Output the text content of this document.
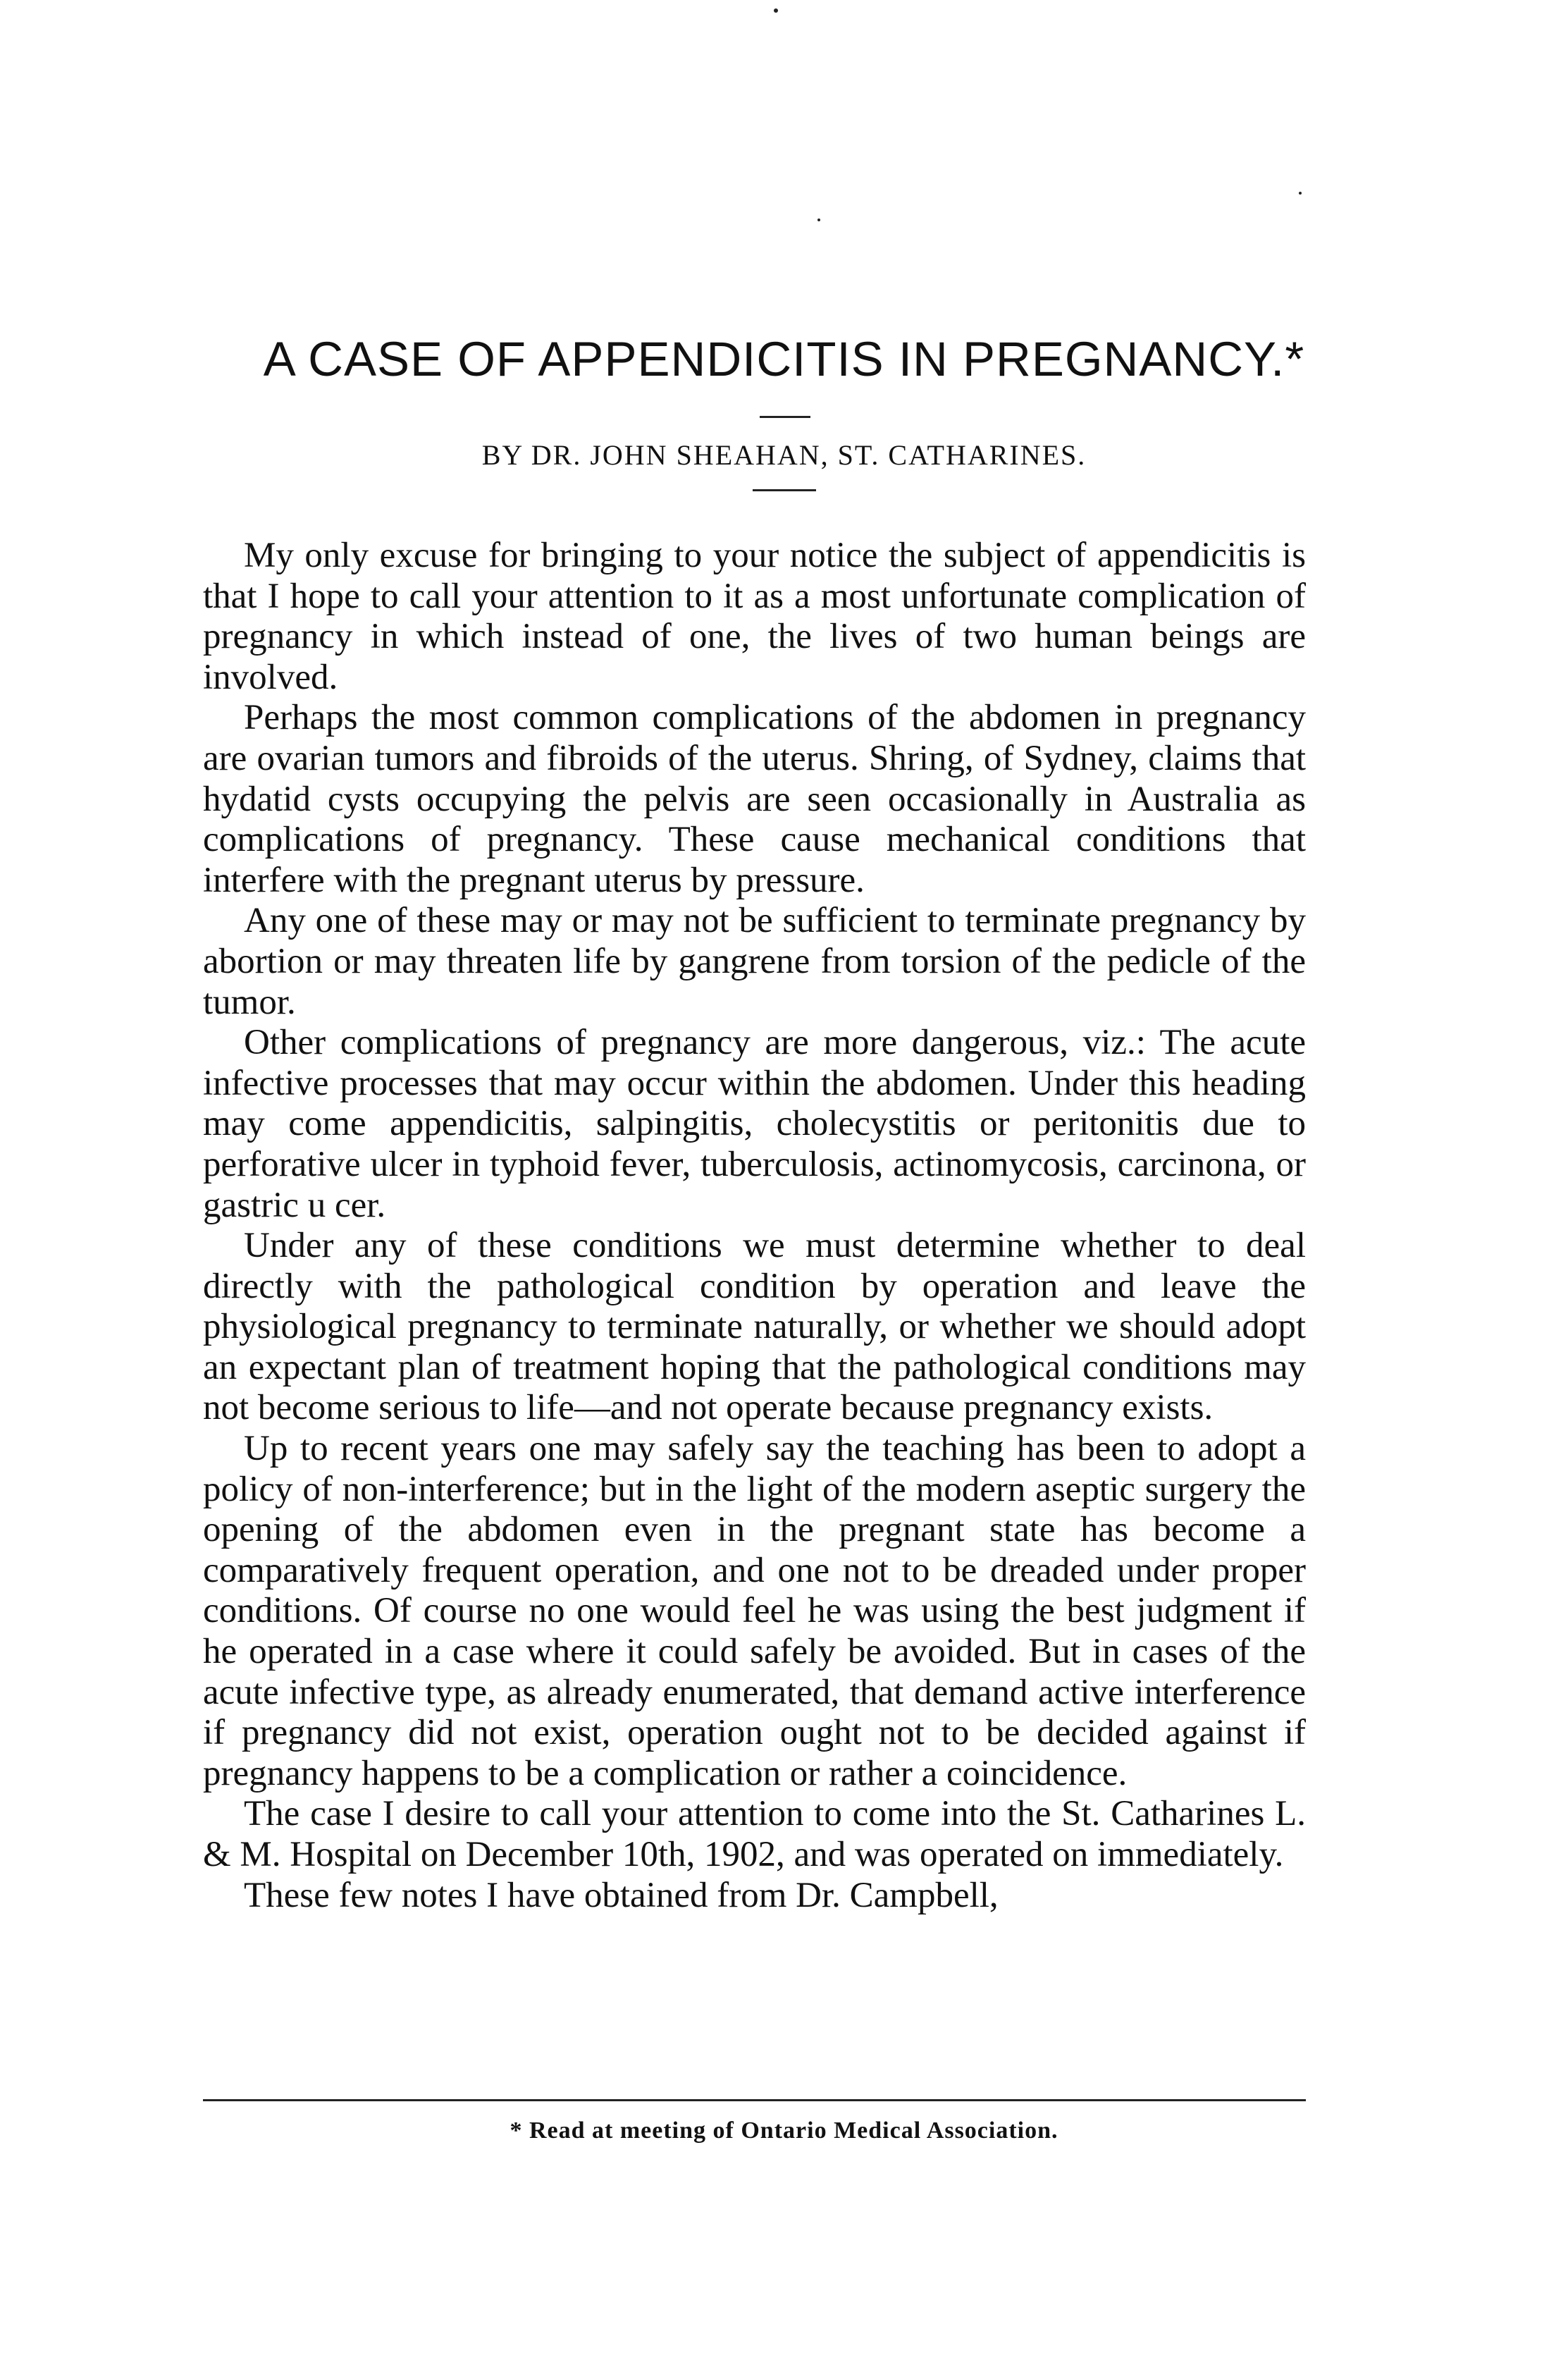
A CASE OF APPENDICITIS IN PREGNANCY.*

BY DR. JOHN SHEAHAN, ST. CATHARINES.

My only excuse for bringing to your notice the subject of appendicitis is that I hope to call your attention to it as a most unfortunate complication of pregnancy in which instead of one, the lives of two human beings are involved.

Perhaps the most common complications of the abdomen in pregnancy are ovarian tumors and fibroids of the uterus. Shring, of Sydney, claims that hydatid cysts occupying the pelvis are seen occasionally in Australia as complications of pregnancy. These cause mechanical conditions that interfere with the pregnant uterus by pressure.

Any one of these may or may not be sufficient to terminate pregnancy by abortion or may threaten life by gangrene from torsion of the pedicle of the tumor.

Other complications of pregnancy are more dangerous, viz.: The acute infective processes that may occur within the abdomen. Under this heading may come appendicitis, salpingitis, cholecystitis or peritonitis due to perforative ulcer in typhoid fever, tuberculosis, actinomycosis, carcinona, or gastric u cer.

Under any of these conditions we must determine whether to deal directly with the pathological condition by operation and leave the physiological pregnancy to terminate naturally, or whether we should adopt an expectant plan of treatment hoping that the pathological conditions may not become serious to life—and not operate because pregnancy exists.

Up to recent years one may safely say the teaching has been to adopt a policy of non-interference; but in the light of the modern aseptic surgery the opening of the abdomen even in the pregnant state has become a comparatively frequent operation, and one not to be dreaded under proper conditions. Of course no one would feel he was using the best judgment if he operated in a case where it could safely be avoided. But in cases of the acute infective type, as already enumerated, that demand active interference if pregnancy did not exist, operation ought not to be decided against if pregnancy happens to be a complication or rather a coincidence.

The case I desire to call your attention to come into the St. Catharines L. & M. Hospital on December 10th, 1902, and was operated on immediately.

These few notes I have obtained from Dr. Campbell,

* Read at meeting of Ontario Medical Association.
